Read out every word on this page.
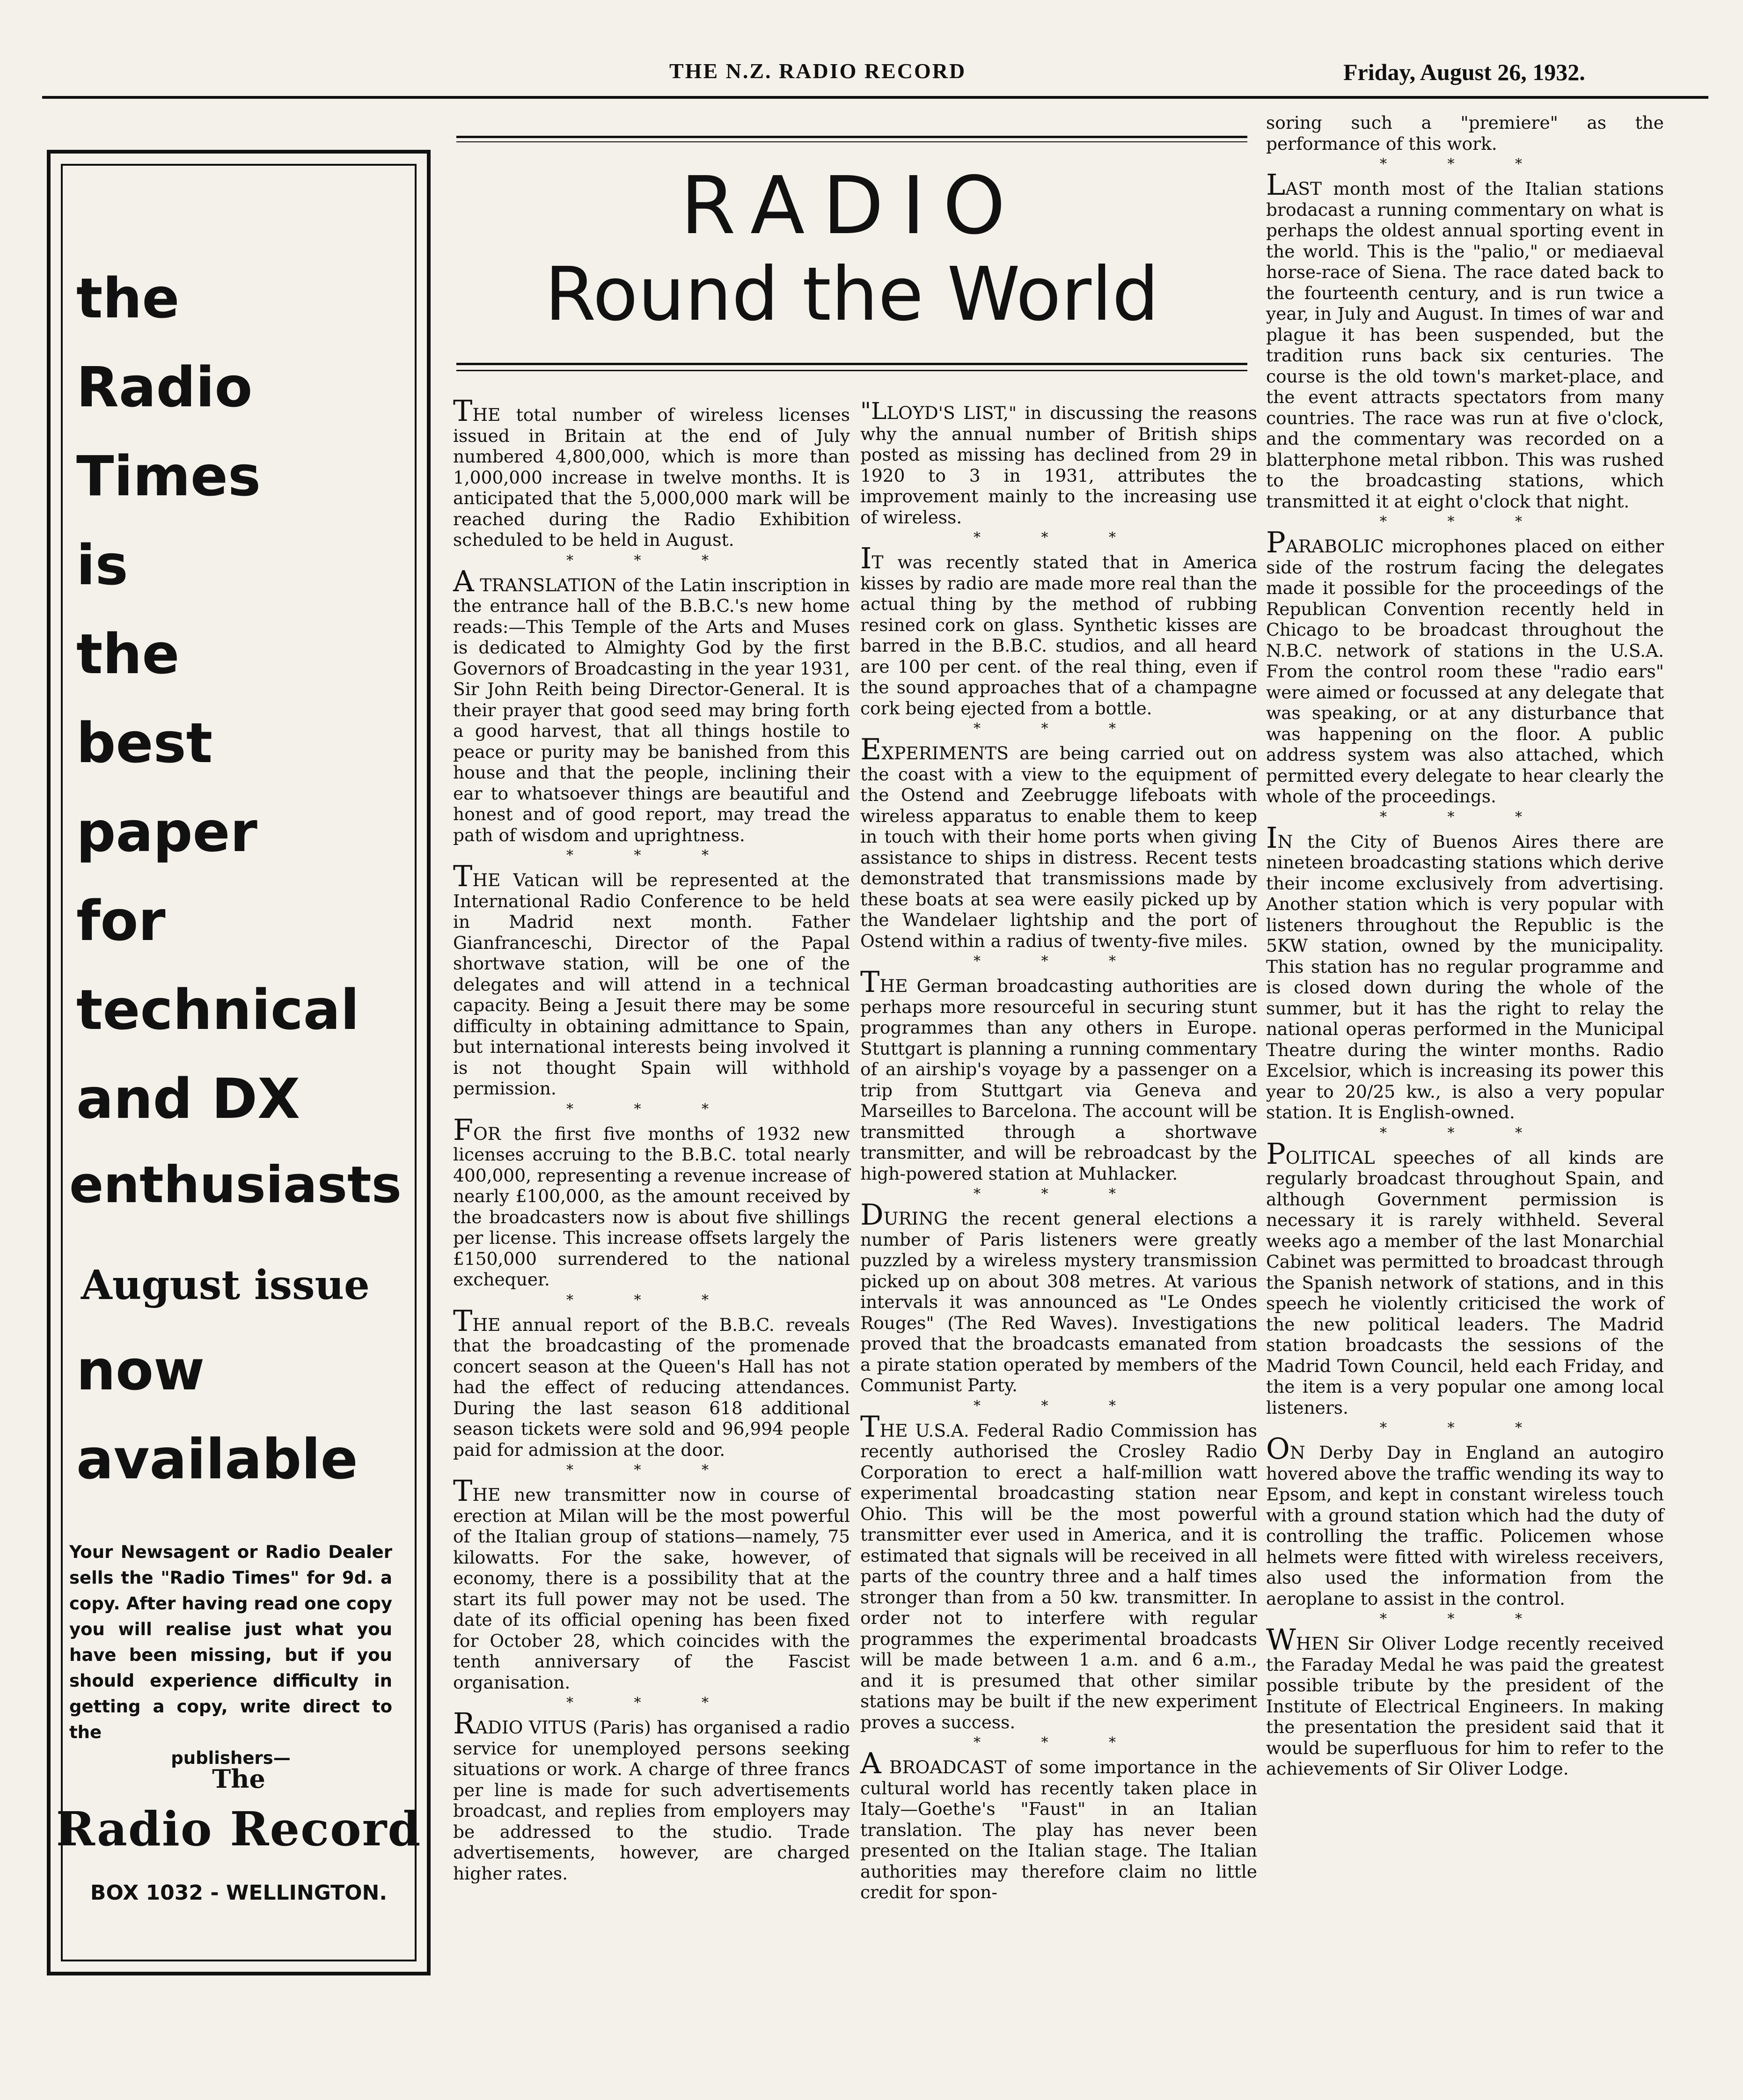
THE N.Z. RADIO RECORD	Friday, August 26, 1932.
the
Radio
Times
is
the
best
paper
for
technical
and DX
enthusiasts
August issue
now
available

Your Newsagent or Radio Dealer sells the "Radio Times" for 9d. a copy. After having read one copy you will realise just what you have been missing, but if you should experience difficulty in getting a copy, write direct to the

publishers—
The
Radio Record
BOX 1032 - WELLINGTON.
RADIO
Round the World

THE total number of wireless licenses issued in Britain at the end of July numbered 4,800,000, which is more than 1,000,000 increase in twelve months. It is anticipated that the 5,000,000 mark will be reached during the Radio Exhibition scheduled to be held in August.

* * *

A TRANSLATION of the Latin inscription in the entrance hall of the B.B.C.'s new home reads:—This Temple of the Arts and Muses is dedicated to Almighty God by the first Governors of Broadcasting in the year 1931, Sir John Reith being Director-General. It is their prayer that good seed may bring forth a good harvest, that all things hostile to peace or purity may be banished from this house and that the people, inclining their ear to whatsoever things are beautiful and honest and of good report, may tread the path of wisdom and uprightness.

* * *

THE Vatican will be represented at the International Radio Conference to be held in Madrid next month. Father Gianfranceschi, Director of the Papal shortwave station, will be one of the delegates and will attend in a technical capacity. Being a Jesuit there may be some difficulty in obtaining admittance to Spain, but international interests being involved it is not thought Spain will withhold permission.

* * *

FOR the first five months of 1932 new licenses accruing to the B.B.C. total nearly 400,000, representing a revenue increase of nearly £100,000, as the amount received by the broadcasters now is about five shillings per license. This increase offsets largely the £150,000 surrendered to the national exchequer.

* * *

THE annual report of the B.B.C. reveals that the broadcasting of the promenade concert season at the Queen's Hall has not had the effect of reducing attendances. During the last season 618 additional season tickets were sold and 96,994 people paid for admission at the door.

* * *

THE new transmitter now in course of erection at Milan will be the most powerful of the Italian group of stations—namely, 75 kilowatts. For the sake, however, of economy, there is a possibility that at the start its full power may not be used. The date of its official opening has been fixed for October 28, which coincides with the tenth anniversary of the Fascist organisation.

* * *

RADIO VITUS (Paris) has organised a radio service for unemployed persons seeking situations or work. A charge of three francs per line is made for such advertisements broadcast, and replies from employers may be addressed to the studio. Trade advertisements, however, are charged higher rates.

"LLOYD'S LIST," in discussing the reasons why the annual number of British ships posted as missing has declined from 29 in 1920 to 3 in 1931, attributes the improvement mainly to the increasing use of wireless.

* * *

IT was recently stated that in America kisses by radio are made more real than the actual thing by the method of rubbing resined cork on glass. Synthetic kisses are barred in the B.B.C. studios, and all heard are 100 per cent. of the real thing, even if the sound approaches that of a champagne cork being ejected from a bottle.

* * *

EXPERIMENTS are being carried out on the coast with a view to the equipment of the Ostend and Zeebrugge lifeboats with wireless apparatus to enable them to keep in touch with their home ports when giving assistance to ships in distress. Recent tests demonstrated that transmissions made by these boats at sea were easily picked up by the Wandelaer lightship and the port of Ostend within a radius of twenty-five miles.

* * *

THE German broadcasting authorities are perhaps more resourceful in securing stunt programmes than any others in Europe. Stuttgart is planning a running commentary of an airship's voyage by a passenger on a trip from Stuttgart via Geneva and Marseilles to Barcelona. The account will be transmitted through a shortwave transmitter, and will be rebroadcast by the high-powered station at Muhlacker.

* * *

DURING the recent general elections a number of Paris listeners were greatly puzzled by a wireless mystery transmission picked up on about 308 metres. At various intervals it was announced as "Le Ondes Rouges" (The Red Waves). Investigations proved that the broadcasts emanated from a pirate station operated by members of the Communist Party.

* * *

THE U.S.A. Federal Radio Commission has recently authorised the Crosley Radio Corporation to erect a half-million watt experimental broadcasting station near Ohio. This will be the most powerful transmitter ever used in America, and it is estimated that signals will be received in all parts of the country three and a half times stronger than from a 50 kw. transmitter. In order not to interfere with regular programmes the experimental broadcasts will be made between 1 a.m. and 6 a.m., and it is presumed that other similar stations may be built if the new experiment proves a success.

* * *

A BROADCAST of some importance in the cultural world has recently taken place in Italy—Goethe's "Faust" in an Italian translation. The play has never been presented on the Italian stage. The Italian authorities may therefore claim no little credit for spon-

soring such a "premiere" as the performance of this work.

* * *

LAST month most of the Italian stations brodacast a running commentary on what is perhaps the oldest annual sporting event in the world. This is the "palio," or mediaeval horse-race of Siena. The race dated back to the fourteenth century, and is run twice a year, in July and August. In times of war and plague it has been suspended, but the tradition runs back six centuries. The course is the old town's market-place, and the event attracts spectators from many countries. The race was run at five o'clock, and the commentary was recorded on a blatterphone metal ribbon. This was rushed to the broadcasting stations, which transmitted it at eight o'clock that night.

* * *

PARABOLIC microphones placed on either side of the rostrum facing the delegates made it possible for the proceedings of the Republican Convention recently held in Chicago to be broadcast throughout the N.B.C. network of stations in the U.S.A. From the control room these "radio ears" were aimed or focussed at any delegate that was speaking, or at any disturbance that was happening on the floor. A public address system was also attached, which permitted every delegate to hear clearly the whole of the proceedings.

* * *

IN the City of Buenos Aires there are nineteen broadcasting stations which derive their income exclusively from advertising. Another station which is very popular with listeners throughout the Republic is the 5KW station, owned by the municipality. This station has no regular programme and is closed down during the whole of the summer, but it has the right to relay the national operas performed in the Municipal Theatre during the winter months. Radio Excelsior, which is increasing its power this year to 20/25 kw., is also a very popular station. It is English-owned.

* * *

POLITICAL speeches of all kinds are regularly broadcast throughout Spain, and although Government permission is necessary it is rarely withheld. Several weeks ago a member of the last Monarchial Cabinet was permitted to broadcast through the Spanish network of stations, and in this speech he violently criticised the work of the new political leaders. The Madrid station broadcasts the sessions of the Madrid Town Council, held each Friday, and the item is a very popular one among local listeners.

* * *

ON Derby Day in England an autogiro hovered above the traffic wending its way to Epsom, and kept in constant wireless touch with a ground station which had the duty of controlling the traffic. Policemen whose helmets were fitted with wireless receivers, also used the information from the aeroplane to assist in the control.

* * *

WHEN Sir Oliver Lodge recently received the Faraday Medal he was paid the greatest possible tribute by the president of the Institute of Electrical Engineers. In making the presentation the president said that it would be superfluous for him to refer to the achievements of Sir Oliver Lodge.
